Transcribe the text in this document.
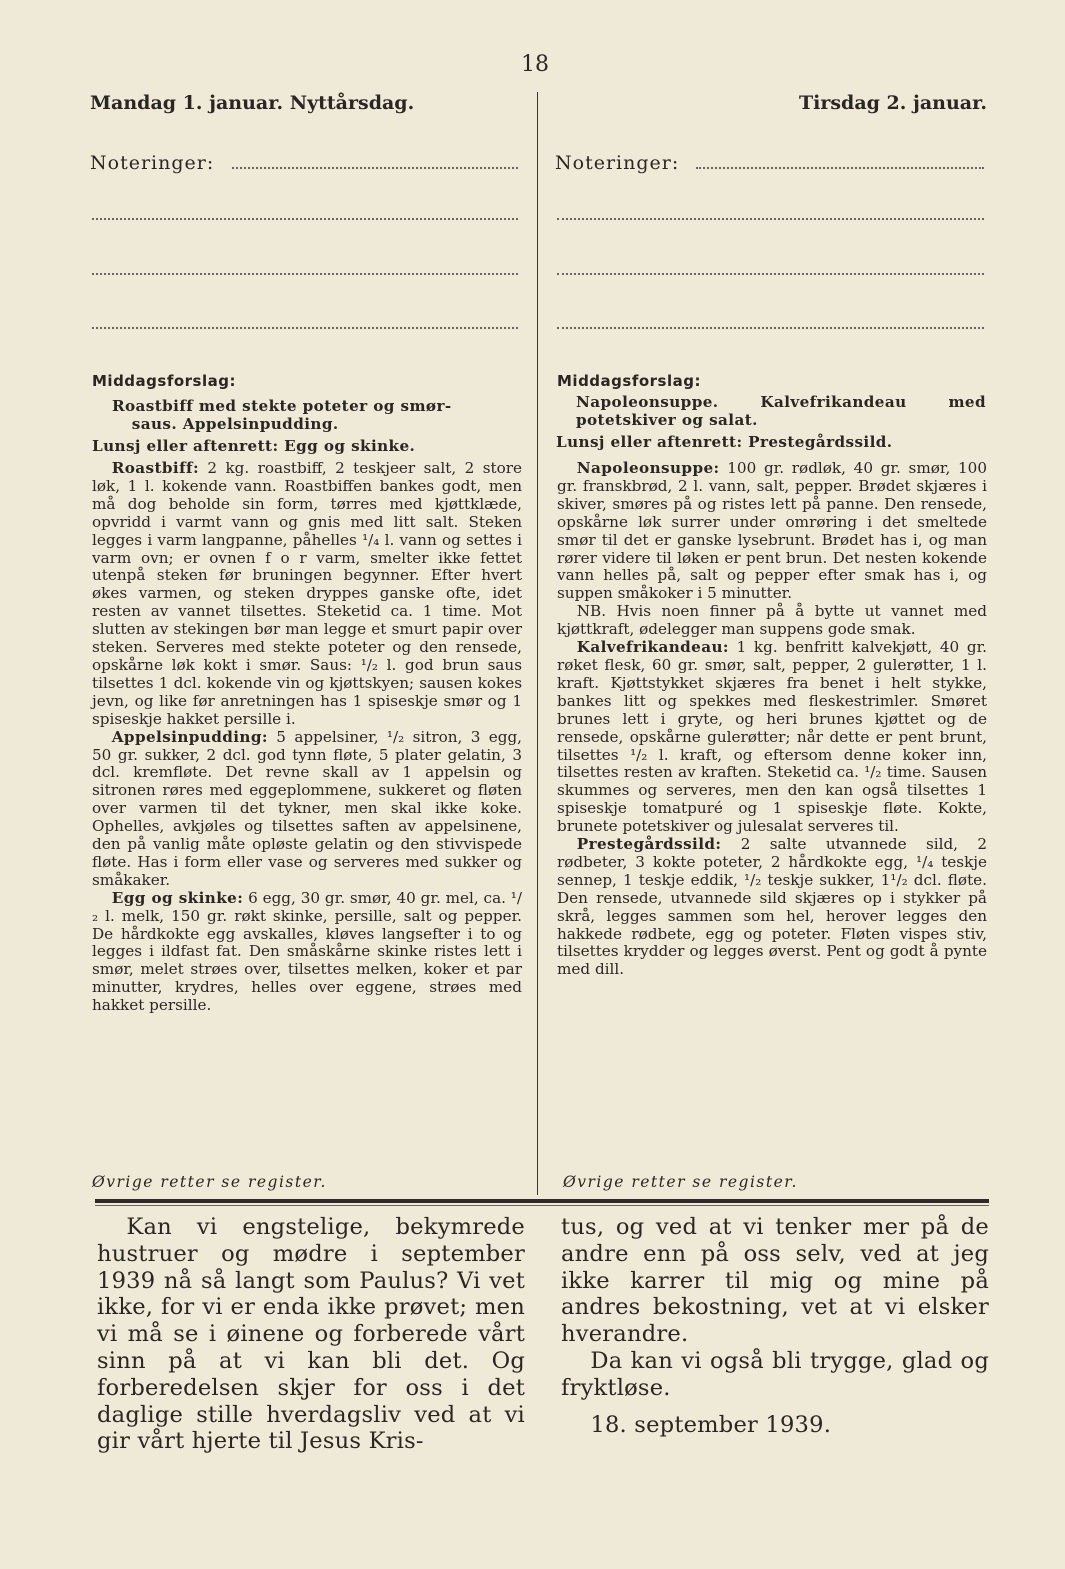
18
Mandag 1. januar. Nyttårsdag.	Tirsdag 2. januar.
Noteringer:	Noteringer:
Middagsforslag:

Roastbiff med stekte poteter og smør-

saus. Appelsinpudding.

Lunsj eller aftenrett: Egg og skinke.

Roastbiff: 2 kg. roastbiff, 2 teskjeer salt, 2 store løk, 1 l. kokende vann. Roastbiffen bankes godt, men må dog beholde sin form, tørres med kjøttklæde, opvridd i varmt vann og gnis med litt salt. Steken legges i varm langpanne, påhelles ¹/₄ l. vann og settes i varm ovn; er ovnen f o r varm, smelter ikke fettet utenpå steken før bruningen begynner. Efter hvert økes varmen, og steken dryppes ganske ofte, idet resten av vannet tilsettes. Steketid ca. 1 time. Mot slutten av stekingen bør man legge et smurt papir over steken. Serveres med stekte poteter og den rensede, opskårne løk kokt i smør. Saus: ¹/₂ l. god brun saus tilsettes 1 dcl. kokende vin og kjøttskyen; sausen kokes jevn, og like før anretningen has 1 spiseskje smør og 1 spiseskje hakket persille i.

Appelsinpudding: 5 appelsiner, ¹/₂ sitron, 3 egg, 50 gr. sukker, 2 dcl. god tynn fløte, 5 plater gelatin, 3 dcl. kremfløte. Det revne skall av 1 appelsin og sitronen røres med eggeplommene, sukkeret og fløten over varmen til det tykner, men skal ikke koke. Ophelles, avkjøles og tilsettes saften av appelsinene, den på vanlig måte opløste gelatin og den stivvispede fløte. Has i form eller vase og serveres med sukker og småkaker.

Egg og skinke: 6 egg, 30 gr. smør, 40 gr. mel, ca. ¹/₂ l. melk, 150 gr. røkt skinke, persille, salt og pepper. De hårdkokte egg avskalles, kløves langsefter i to og legges i ildfast fat. Den småskårne skinke ristes lett i smør, melet strøes over, tilsettes melken, koker et par minutter, krydres, helles over eggene, strøes med hakket persille.

Øvrige retter se register.
Middagsforslag:

Napoleonsuppe. Kalvefrikandeau med

potetskiver og salat.

Lunsj eller aftenrett: Prestegårdssild.

Napoleonsuppe: 100 gr. rødløk, 40 gr. smør, 100 gr. franskbrød, 2 l. vann, salt, pepper. Brødet skjæres i skiver, smøres på og ristes lett på panne. Den rensede, opskårne løk surrer under omrøring i det smeltede smør til det er ganske lysebrunt. Brødet has i, og man rører videre til løken er pent brun. Det nesten kokende vann helles på, salt og pepper efter smak has i, og suppen småkoker i 5 minutter.

NB. Hvis noen finner på å bytte ut vannet med kjøttkraft, ødelegger man suppens gode smak.

Kalvefrikandeau: 1 kg. benfritt kalvekjøtt, 40 gr. røket flesk, 60 gr. smør, salt, pepper, 2 gulerøtter, 1 l. kraft. Kjøttstykket skjæres fra benet i helt stykke, bankes litt og spekkes med fleskestrimler. Smøret brunes lett i gryte, og heri brunes kjøttet og de rensede, opskårne gulerøtter; når dette er pent brunt, tilsettes ¹/₂ l. kraft, og eftersom denne koker inn, tilsettes resten av kraften. Steketid ca. ¹/₂ time. Sausen skummes og serveres, men den kan også tilsettes 1 spiseskje tomatpuré og 1 spiseskje fløte. Kokte, brunete potetskiver og julesalat serveres til.

Prestegårdssild: 2 salte utvannede sild, 2 rødbeter, 3 kokte poteter, 2 hårdkokte egg, ¹/₄ teskje sennep, 1 teskje eddik, ¹/₂ teskje sukker, 1¹/₂ dcl. fløte. Den rensede, utvannede sild skjæres op i stykker på skrå, legges sammen som hel, herover legges den hakkede rødbete, egg og poteter. Fløten vispes stiv, tilsettes krydder og legges øverst. Pent og godt å pynte med dill.

Øvrige retter se register.

Kan vi engstelige, bekymrede hustruer og mødre i september 1939 nå så langt som Paulus? Vi vet ikke, for vi er enda ikke prøvet; men vi må se i øinene og forberede vårt sinn på at vi kan bli det. Og forberedelsen skjer for oss i det daglige stille hverdagsliv ved at vi gir vårt hjerte til Jesus Kris-

tus, og ved at vi tenker mer på de andre enn på oss selv, ved at jeg ikke karrer til mig og mine på andres bekostning, vet at vi elsker hverandre.

Da kan vi også bli trygge, glad og fryktløse.

18. september 1939.
